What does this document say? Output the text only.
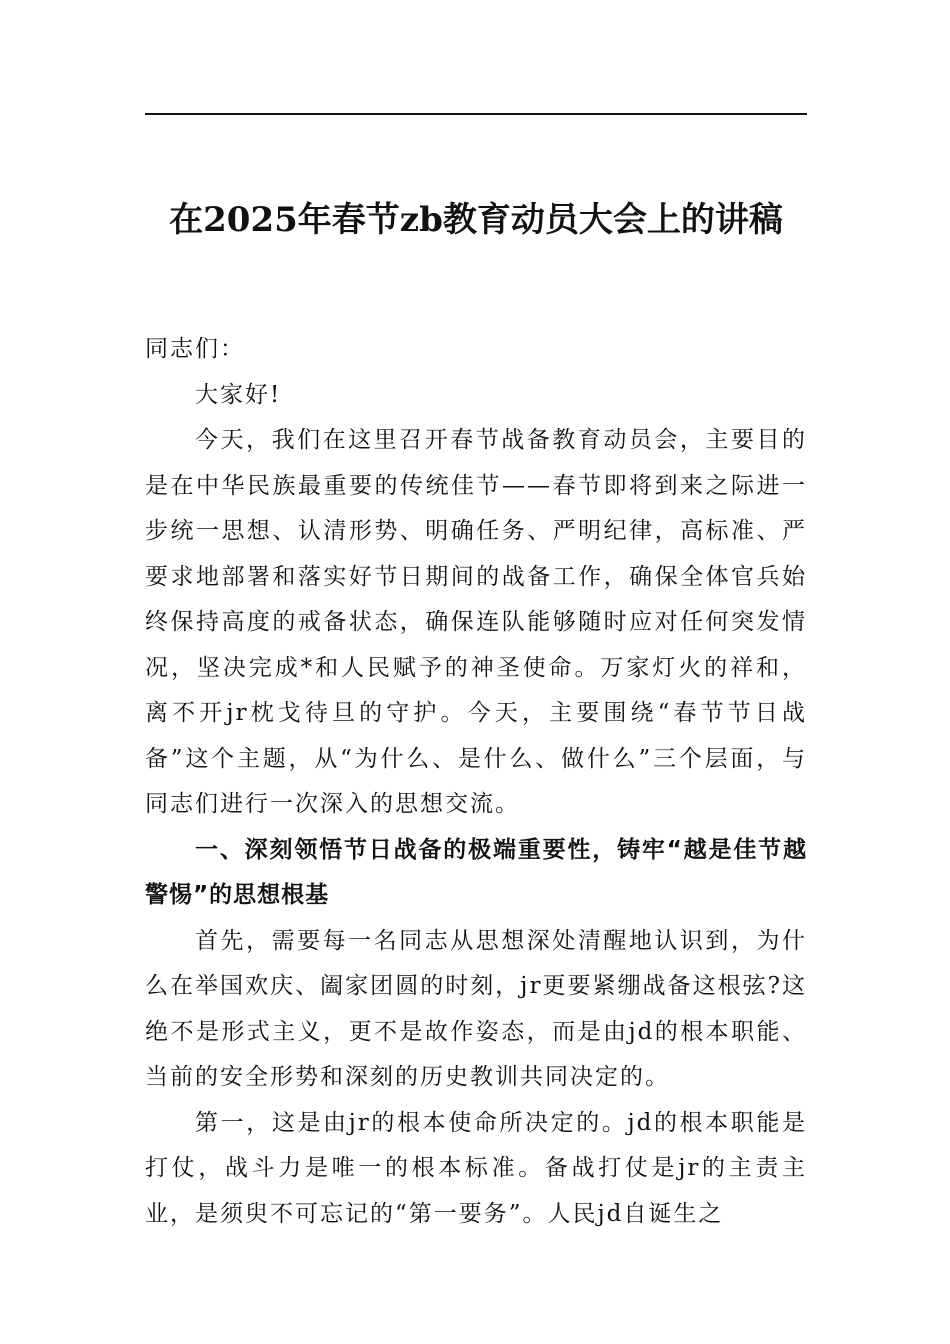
在2025年春节zb教育动员大会上的讲稿

同志们：

大家好!

今天，我们在这里召开春节战备教育动员会，主要目的是在中华民族最重要的传统佳节——春节即将到来之际进一步统一思想、认清形势、明确任务、严明纪律，高标准、严要求地部署和落实好节日期间的战备工作，确保全体官兵始终保持高度的戒备状态，确保连队能够随时应对任何突发情况，坚决完成*和人民赋予的神圣使命。万家灯火的祥和，离不开jr枕戈待旦的守护。今天，主要围绕“春节节日战备”这个主题，从“为什么、是什么、做什么”三个层面，与同志们进行一次深入的思想交流。

一、深刻领悟节日战备的极端重要性，铸牢“越是佳节越警惕”的思想根基

首先，需要每一名同志从思想深处清醒地认识到，为什么在举国欢庆、阖家团圆的时刻，jr更要紧绷战备这根弦?这绝不是形式主义，更不是故作姿态，而是由jd的根本职能、当前的安全形势和深刻的历史教训共同决定的。

第一，这是由jr的根本使命所决定的。jd的根本职能是打仗，战斗力是唯一的根本标准。备战打仗是jr的主责主业，是须臾不可忘记的“第一要务”。人民jd自诞生之
